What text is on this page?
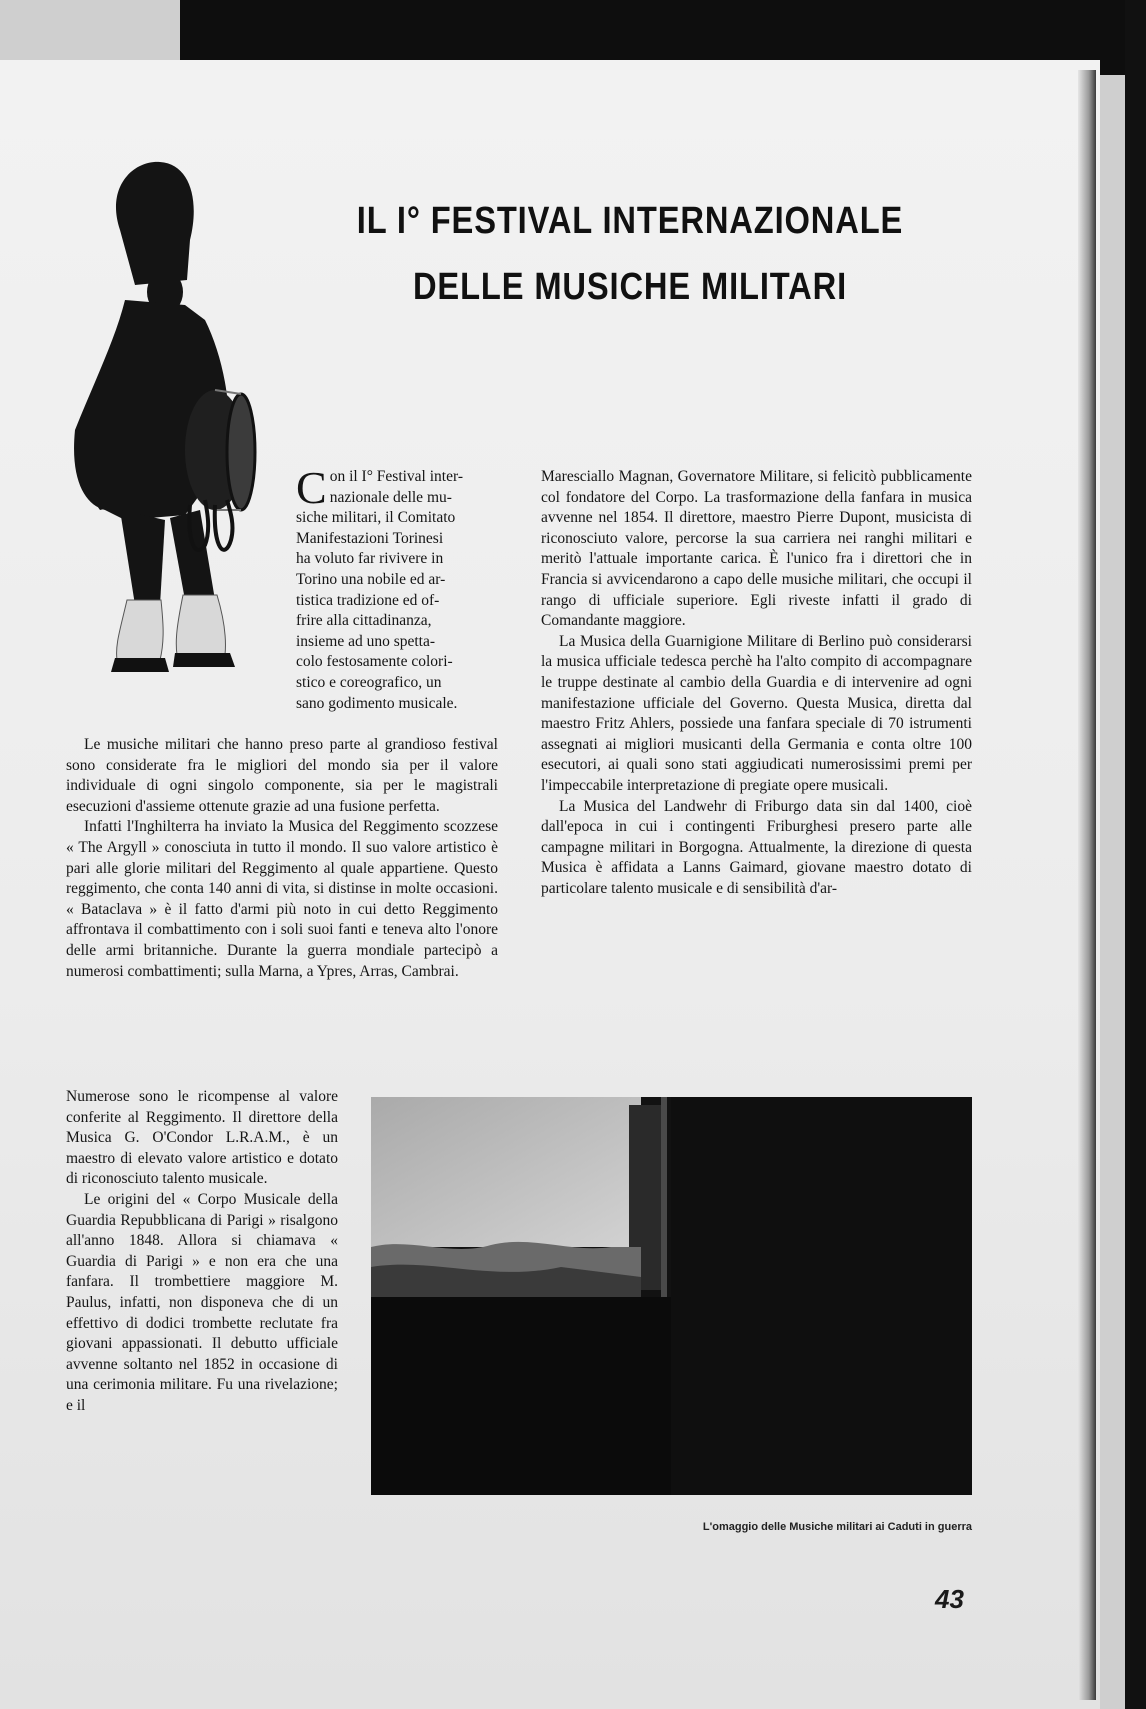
IL I° FESTIVAL INTERNAZIONALE
DELLE MUSICHE MILITARI
C on il I° Festival inter-
nazionale delle mu-
siche militari, il Comitato
Manifestazioni Torinesi
ha voluto far rivivere in
Torino una nobile ed ar-
tistica tradizione ed of-
frire alla cittadinanza,
insieme ad uno spetta-
colo festosamente colori-
stico e coreografico, un
sano godimento musicale.

Le musiche militari che hanno preso parte al grandioso festival sono considerate fra le migliori del mondo sia per il valore individuale di ogni singolo componente, sia per le magistrali esecuzioni d'assieme ottenute grazie ad una fusione perfetta.

Infatti l'Inghilterra ha inviato la Musica del Reggimento scozzese « The Argyll » conosciuta in tutto il mondo. Il suo valore artistico è pari alle glorie militari del Reggimento al quale appartiene. Questo reggimento, che conta 140 anni di vita, si distinse in molte occasioni. « Bataclava » è il fatto d'armi più noto in cui detto Reggimento affrontava il combattimento con i soli suoi fanti e teneva alto l'onore delle armi britanniche. Durante la guerra mondiale partecipò a numerosi combattimenti; sulla Marna, a Ypres, Arras, Cambrai.

Numerose sono le ricompense al valore conferite al Reggimento. Il direttore della Musica G. O'Condor L.R.A.M., è un maestro di elevato valore artistico e dotato di riconosciuto talento musicale.

Le origini del « Corpo Musicale della Guardia Repubblicana di Parigi » risalgono all'anno 1848. Allora si chiamava « Guardia di Parigi » e non era che una fanfara. Il trombettiere maggiore M. Paulus, infatti, non disponeva che di un effettivo di dodici trombette reclutate fra giovani appassionati. Il debutto ufficiale avvenne soltanto nel 1852 in occasione di una cerimonia militare. Fu una rivelazione; e il

Maresciallo Magnan, Governatore Militare, si felicitò pubblicamente col fondatore del Corpo. La trasformazione della fanfara in musica avvenne nel 1854. Il direttore, maestro Pierre Dupont, musicista di riconosciuto valore, percorse la sua carriera nei ranghi militari e meritò l'attuale importante carica. È l'unico fra i direttori che in Francia si avvicendarono a capo delle musiche militari, che occupi il rango di ufficiale superiore. Egli riveste infatti il grado di Comandante maggiore.

La Musica della Guarnigione Militare di Berlino può considerarsi la musica ufficiale tedesca perchè ha l'alto compito di accompagnare le truppe destinate al cambio della Guardia e di intervenire ad ogni manifestazione ufficiale del Governo. Questa Musica, diretta dal maestro Fritz Ahlers, possiede una fanfara speciale di 70 istrumenti assegnati ai migliori musicanti della Germania e conta oltre 100 esecutori, ai quali sono stati aggiudicati numerosissimi premi per l'impeccabile interpretazione di pregiate opere musicali.

La Musica del Landwehr di Friburgo data sin dal 1400, cioè dall'epoca in cui i contingenti Friburghesi presero parte alle campagne militari in Borgogna. Attualmente, la direzione di questa Musica è affidata a Lanns Gaimard, giovane maestro dotato di particolare talento musicale e di sensibilità d'ar-

L'omaggio delle Musiche militari ai Caduti in guerra
43
